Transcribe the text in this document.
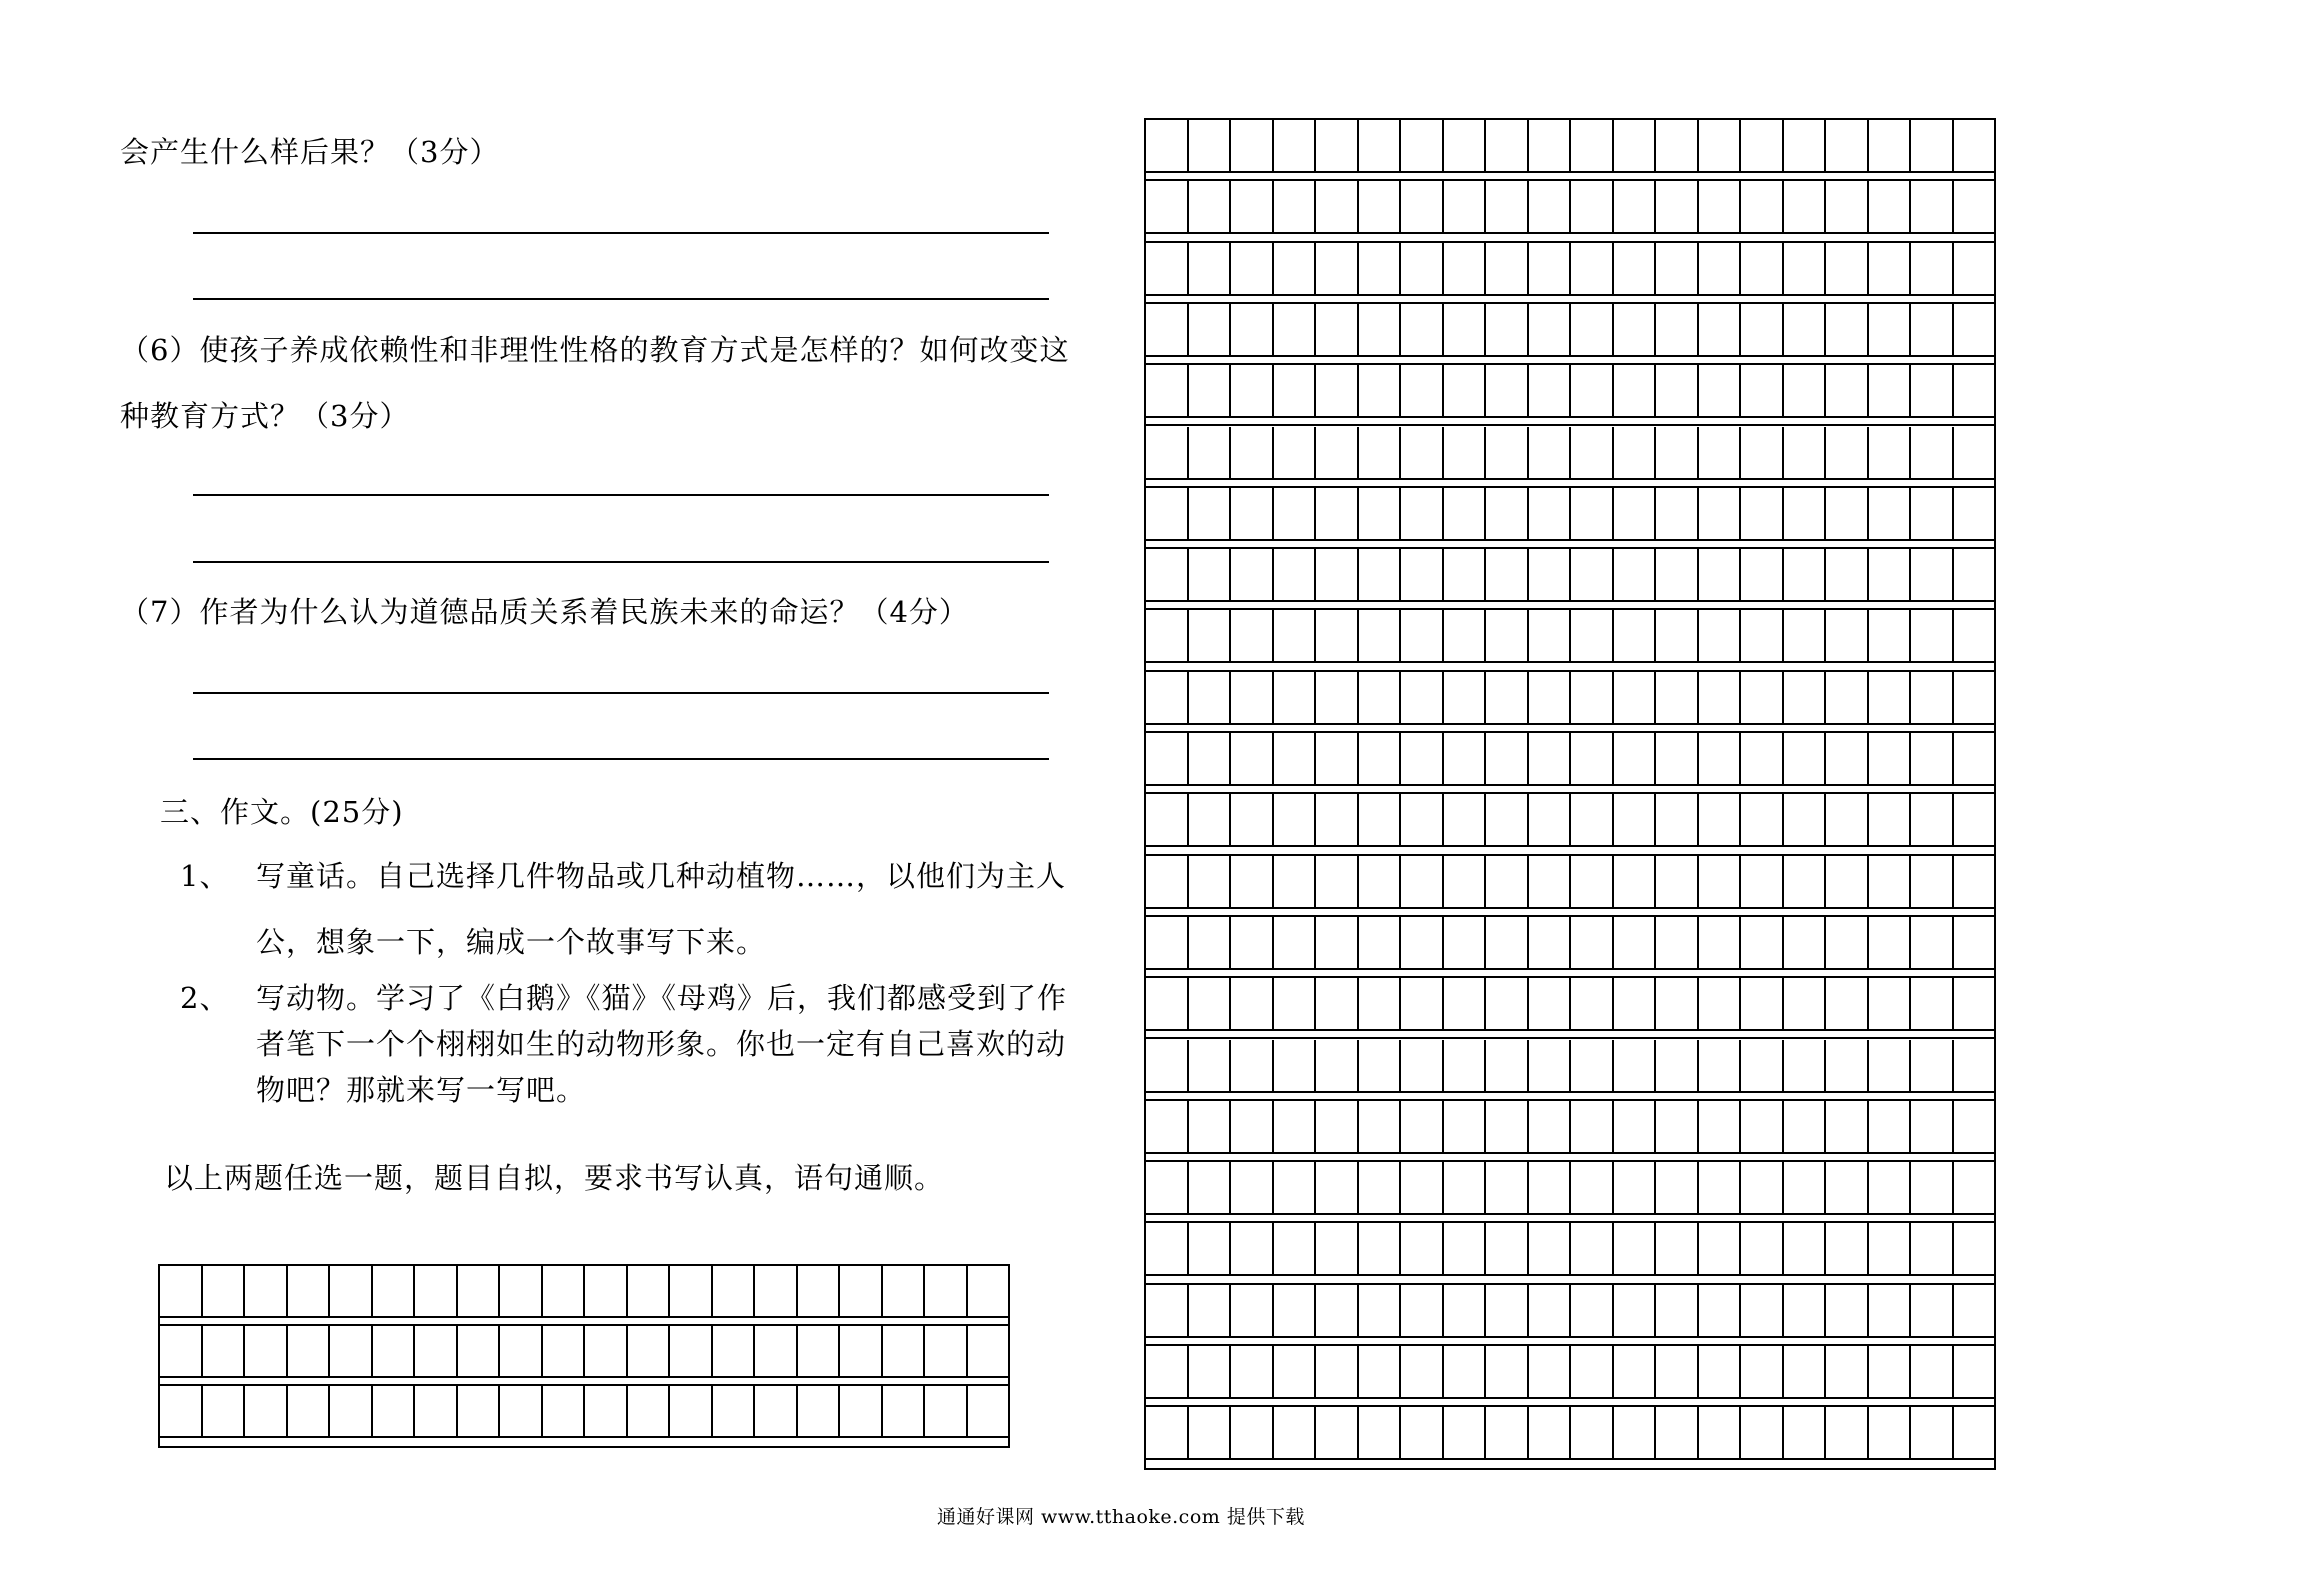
会产生什么样后果？（3分）
（6）使孩子养成依赖性和非理性性格的教育方式是怎样的？如何改变这
种教育方式？（3分）
（7）作者为什么认为道德品质关系着民族未来的命运？（4分）
三、作文。(25分)
1、 写童话。自己选择几件物品或几种动植物……，以他们为主人
公，想象一下，编成一个故事写下来。
2、 写动物。学习了《白鹅》《猫》《母鸡》后，我们都感受到了作
者笔下一个个栩栩如生的动物形象。你也一定有自己喜欢的动
物吧？那就来写一写吧。
以上两题任选一题，题目自拟，要求书写认真，语句通顺。
通通好课网 www.tthaoke.com 提供下载
